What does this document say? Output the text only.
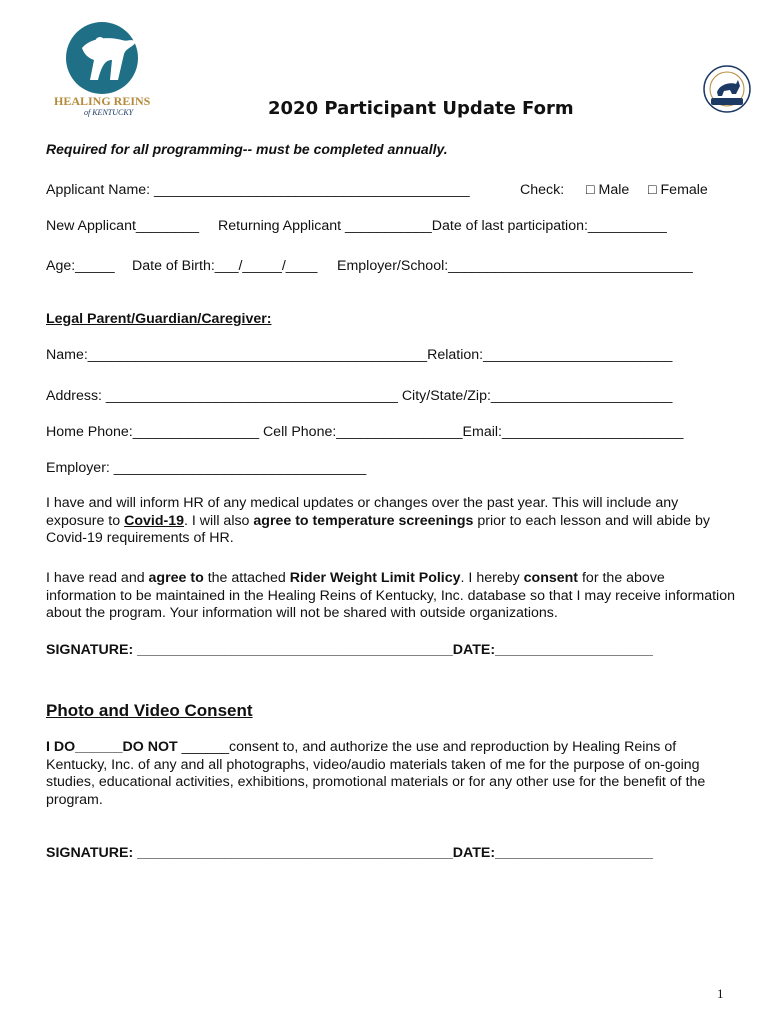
HEALING REINS
of KENTUCKY	2020 Participant Update Form
Required for all programming-- must be completed annually.
Applicant Name: ________________________________________	Check: □ Male □ Female
New Applicant________ Returning Applicant ___________Date of last participation:__________
Age:_____ Date of Birth:___/_____/____ Employer/School:_______________________________
Legal Parent/Guardian/Caregiver:
Name:___________________________________________Relation:________________________
Address: _____________________________________ City/State/Zip:_______________________
Home Phone:________________ Cell Phone:________________Email:_______________________
Employer: ________________________________
I have and will inform HR of any medical updates or changes over the past year. This will include any exposure to Covid-19. I will also agree to temperature screenings prior to each lesson and will abide by Covid-19 requirements of HR.
I have read and agree to the attached Rider Weight Limit Policy. I hereby consent for the above information to be maintained in the Healing Reins of Kentucky, Inc. database so that I may receive information about the program. Your information will not be shared with outside organizations.
SIGNATURE: ________________________________________DATE:____________________
Photo and Video Consent
I DO______DO NOT ______consent to, and authorize the use and reproduction by Healing Reins of Kentucky, Inc. of any and all photographs, video/audio materials taken of me for the purpose of on-going studies, educational activities, exhibitions, promotional materials or for any other use for the benefit of the program.
SIGNATURE: ________________________________________DATE:____________________
1
